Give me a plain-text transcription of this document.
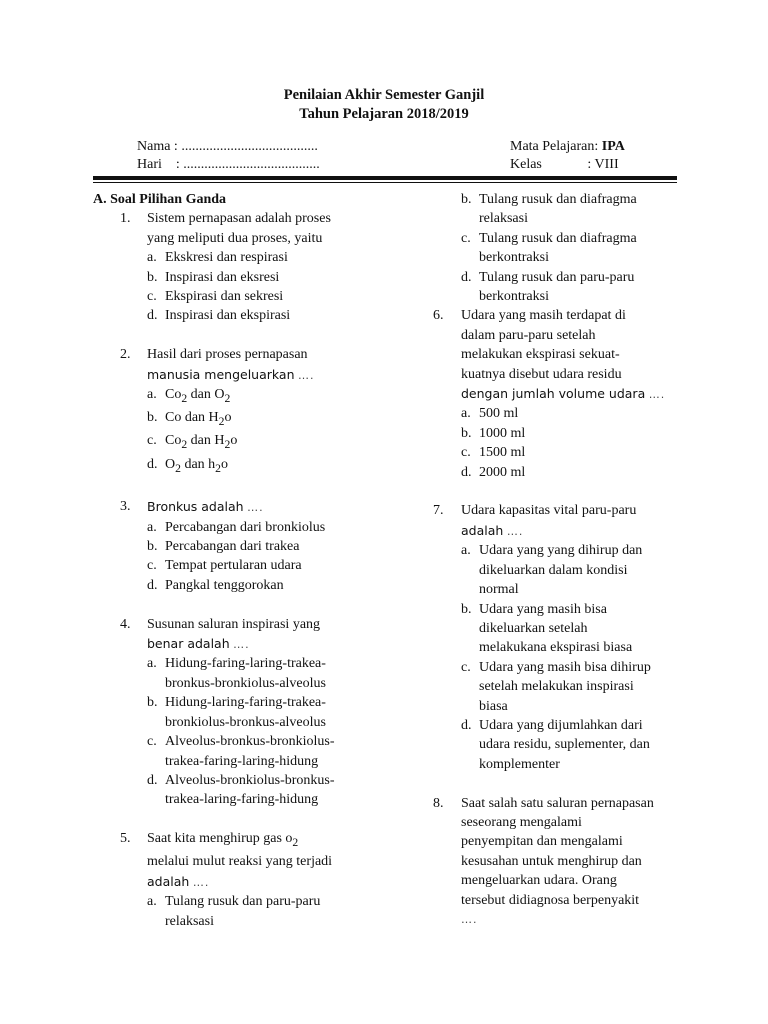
Penilaian Akhir Semester Ganjil
Tahun Pelajaran 2018/2019
Nama : .......................................
Hari    : .......................................
Mata Pelajaran: IPA
Kelas             : VIII
A. Soal Pilihan Ganda
1. Sistem pernapasan adalah proses
yang meliputi dua proses, yaitu
a. Ekskresi dan respirasi
b. Inspirasi dan eksresi
c. Ekspirasi dan sekresi
d. Inspirasi dan ekspirasi
2. Hasil dari proses pernapasan
manusia mengeluarkan ….
a. $Co_2$ dan $O_2$
b. Co dan $H_2o$
c. $Co_2$ dan $H_2o$
d. $O_2$ dan $h_2o$
3. Bronkus adalah ….
a. Percabangan dari bronkiolus
b. Percabangan dari trakea
c. Tempat pertularan udara
d. Pangkal tenggorokan
4. Susunan saluran inspirasi yang
benar adalah ….
a. Hidung-faring-laring-trakea-
bronkus-bronkiolus-alveolus
b. Hidung-laring-faring-trakea-
bronkiolus-bronkus-alveolus
c. Alveolus-bronkus-bronkiolus-
trakea-faring-laring-hidung
d. Alveolus-bronkiolus-bronkus-
trakea-laring-faring-hidung
5. Saat kita menghirup gas $o_2$
melalui mulut reaksi yang terjadi
adalah ….
a. Tulang rusuk dan paru-paru
relaksasi
b. Tulang rusuk dan diafragma
relaksasi
c. Tulang rusuk dan diafragma
berkontraksi
d. Tulang rusuk dan paru-paru
berkontraksi
6. Udara yang masih terdapat di
dalam paru-paru setelah
melakukan ekspirasi sekuat-
kuatnya disebut udara residu
dengan jumlah volume udara ….
a. 500 ml
b. 1000 ml
c. 1500 ml
d. 2000 ml
7. Udara kapasitas vital paru-paru
adalah ….
a. Udara yang yang dihirup dan
dikeluarkan dalam kondisi
normal
b. Udara yang masih bisa
dikeluarkan setelah
melakukana ekspirasi biasa
c. Udara yang masih bisa dihirup
setelah melakukan inspirasi
biasa
d. Udara yang dijumlahkan dari
udara residu, suplementer, dan
komplementer
8. Saat salah satu saluran pernapasan
seseorang mengalami
penyempitan dan mengalami
kesusahan untuk menghirup dan
mengeluarkan udara. Orang
tersebut didiagnosa berpenyakit
….
